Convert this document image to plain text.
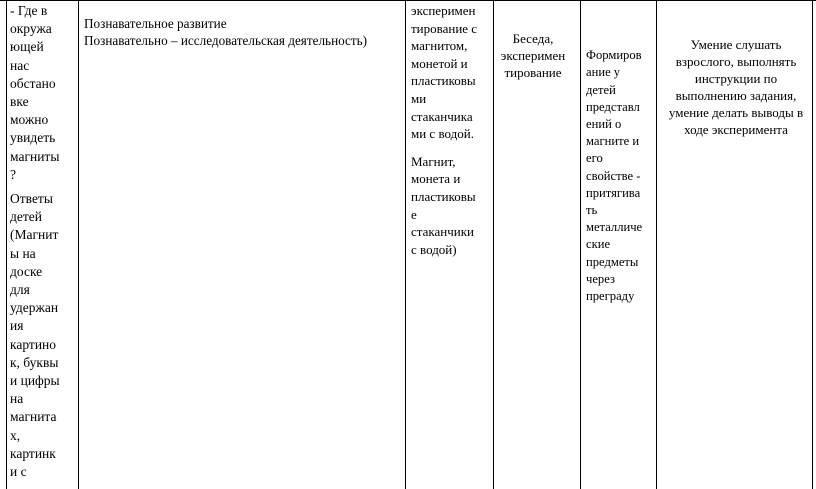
- Где в
окружа
ющей
нас
обстано
вке
можно
увидеть
магниты
?

Ответы
детей
(Магнит
ы на
доске
для
удержан
ия
картино
к, буквы
и цифры
на
магнита
х,
картинк
и с

Познавательное развитие
Познавательно – исследовательская деятельность)

эксперимен
тирование с
магнитом,
монетой и
пластиковы
ми
стаканчика
ми с водой.

Магнит,
монета и
пластиковы
е
стаканчики
с водой)

Беседа, эксперимен тирование

Формиров
ание у
детей
представл
ений о
магните и
его
свойстве -
притягива
ть
металличе
ские
предметы
через
преграду

Умение слушать взрослого, выполнять инструкции по выполнению задания, умение делать выводы в ходе эксперимента
